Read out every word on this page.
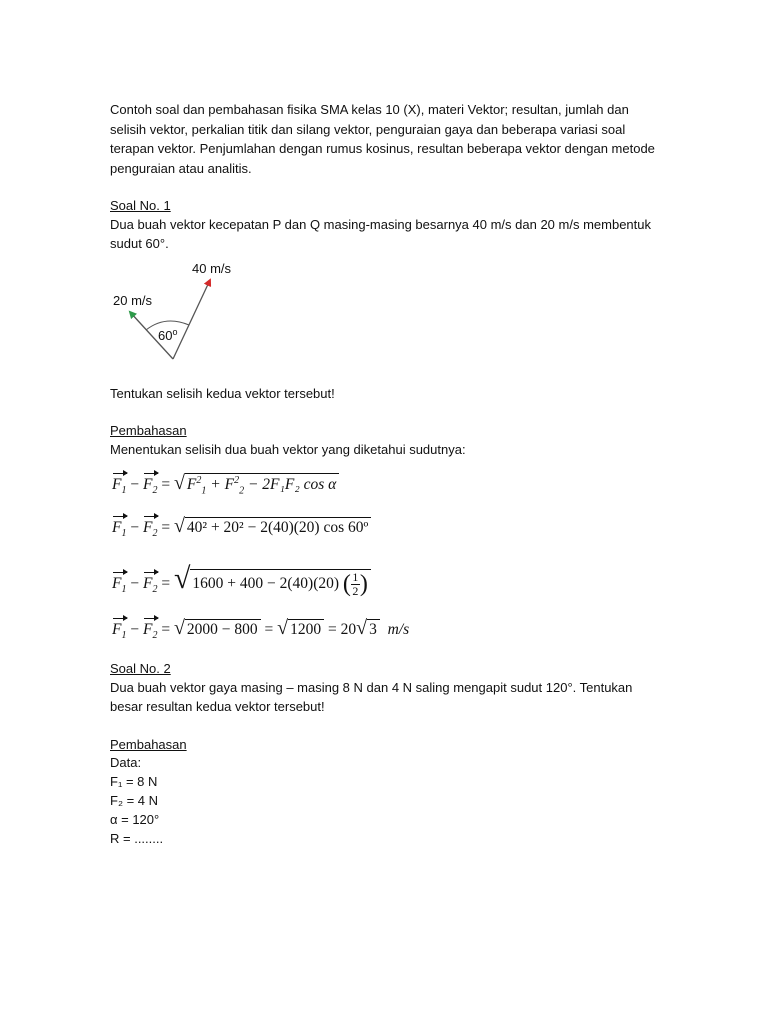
Contoh soal dan pembahasan fisika SMA kelas 10 (X), materi Vektor; resultan, jumlah dan
selisih vektor, perkalian titik dan silang vektor, penguraian gaya dan beberapa variasi soal
terapan vektor. Penjumlahan dengan rumus kosinus, resultan beberapa vektor dengan metode
penguraian atau analitis.
Soal No. 1
Dua buah vektor kecepatan P dan Q masing-masing besarnya 40 m/s dan 20 m/s membentuk
sudut 60°.
40 m/s
20 m/s
60$^o$
Tentukan selisih kedua vektor tersebut!
Pembahasan
Menentukan selisih dua buah vektor yang diketahui sudutnya:
$F_1 - F_2$ = √ $F^2_1 + F^2_2 - 2F_1F_2$ cos α
$F_1 - F_2$ = √ 40² + 20² − 2(40)(20) cos 60º
$F_1 - F_2$ = √ 1600 + 400 − 2(40)(20) ( $\frac{1}{2}$ )
$F_1 - F_2$ = √ 2000 − 800 = √ 1200 = 20√ 3 m/s
Soal No. 2
Dua buah vektor gaya masing – masing 8 N dan 4 N saling mengapit sudut 120°. Tentukan
besar resultan kedua vektor tersebut!
Pembahasan
Data:
F₁ = 8 N
F₂ = 4 N
α = 120°
R = ........
